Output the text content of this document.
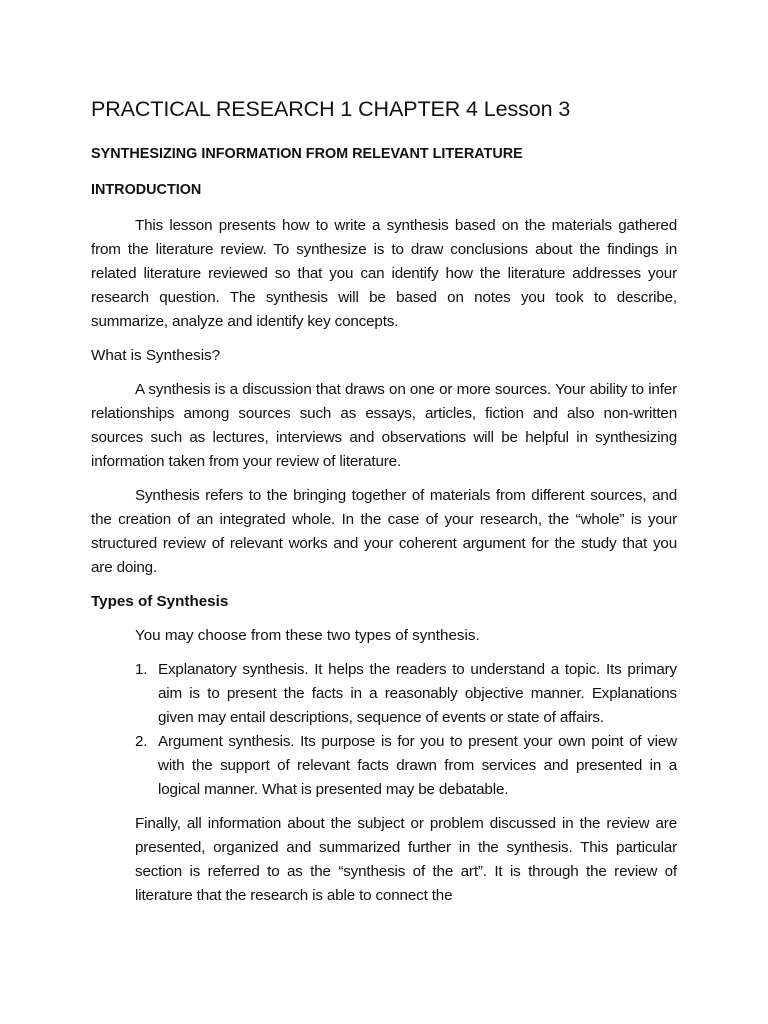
PRACTICAL RESEARCH 1 CHAPTER 4 Lesson 3
SYNTHESIZING INFORMATION FROM RELEVANT LITERATURE
INTRODUCTION

This lesson presents how to write a synthesis based on the materials gathered from the literature review. To synthesize is to draw conclusions about the findings in related literature reviewed so that you can identify how the literature addresses your research question. The synthesis will be based on notes you took to describe, summarize, analyze and identify key concepts.

What is Synthesis?

A synthesis is a discussion that draws on one or more sources. Your ability to infer relationships among sources such as essays, articles, fiction and also non-written sources such as lectures, interviews and observations will be helpful in synthesizing information taken from your review of literature.

Synthesis refers to the bringing together of materials from different sources, and the creation of an integrated whole. In the case of your research, the “whole” is your structured review of relevant works and your coherent argument for the study that you are doing.

Types of Synthesis

You may choose from these two types of synthesis.

1. Explanatory synthesis. It helps the readers to understand a topic. Its primary aim is to present the facts in a reasonably objective manner. Explanations given may entail descriptions, sequence of events or state of affairs.
2. Argument synthesis. Its purpose is for you to present your own point of view with the support of relevant facts drawn from services and presented in a logical manner. What is presented may be debatable.

Finally, all information about the subject or problem discussed in the review are presented, organized and summarized further in the synthesis. This particular section is referred to as the “synthesis of the art”. It is through the review of literature that the research is able to connect the
